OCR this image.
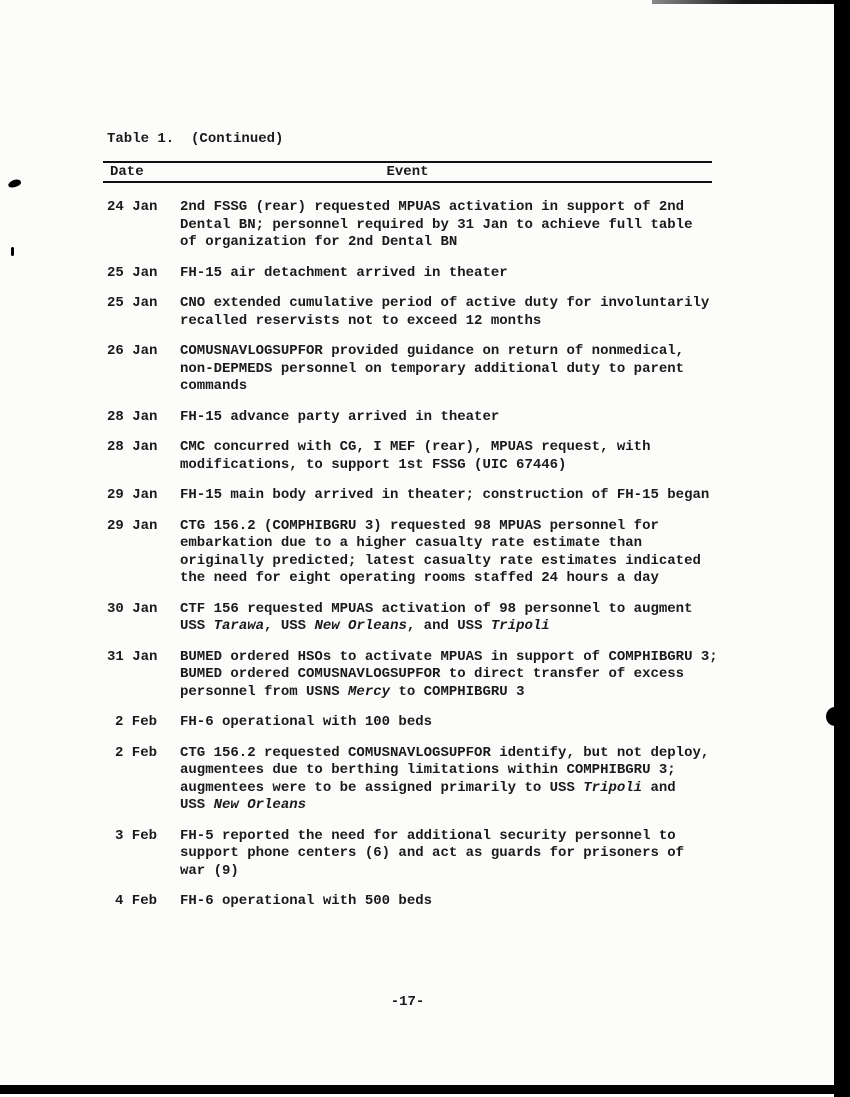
Table 1.  (Continued)
Event
Date
24 Jan 2nd FSSG (rear) requested MPUAS activation in support of 2nd
Dental BN; personnel required by 31 Jan to achieve full table
of organization for 2nd Dental BN
25 Jan FH-15 air detachment arrived in theater
25 Jan CNO extended cumulative period of active duty for involuntarily
recalled reservists not to exceed 12 months
26 Jan COMUSNAVLOGSUPFOR provided guidance on return of nonmedical,
non-DEPMEDS personnel on temporary additional duty to parent
commands
28 Jan FH-15 advance party arrived in theater
28 Jan CMC concurred with CG, I MEF (rear), MPUAS request, with
modifications, to support 1st FSSG (UIC 67446)
29 Jan FH-15 main body arrived in theater; construction of FH-15 began
29 Jan CTG 156.2 (COMPHIBGRU 3) requested 98 MPUAS personnel for
embarkation due to a higher casualty rate estimate than
originally predicted; latest casualty rate estimates indicated
the need for eight operating rooms staffed 24 hours a day
30 Jan CTF 156 requested MPUAS activation of 98 personnel to augment
USS Tarawa, USS New Orleans, and USS Tripoli
31 Jan BUMED ordered HSOs to activate MPUAS in support of COMPHIBGRU 3;
BUMED ordered COMUSNAVLOGSUPFOR to direct transfer of excess
personnel from USNS Mercy to COMPHIBGRU 3
2 Feb FH-6 operational with 100 beds
2 Feb CTG 156.2 requested COMUSNAVLOGSUPFOR identify, but not deploy,
augmentees due to berthing limitations within COMPHIBGRU 3;
augmentees were to be assigned primarily to USS Tripoli and
USS New Orleans
3 Feb FH-5 reported the need for additional security personnel to
support phone centers (6) and act as guards for prisoners of
war (9)
4 Feb FH-6 operational with 500 beds
-17-
